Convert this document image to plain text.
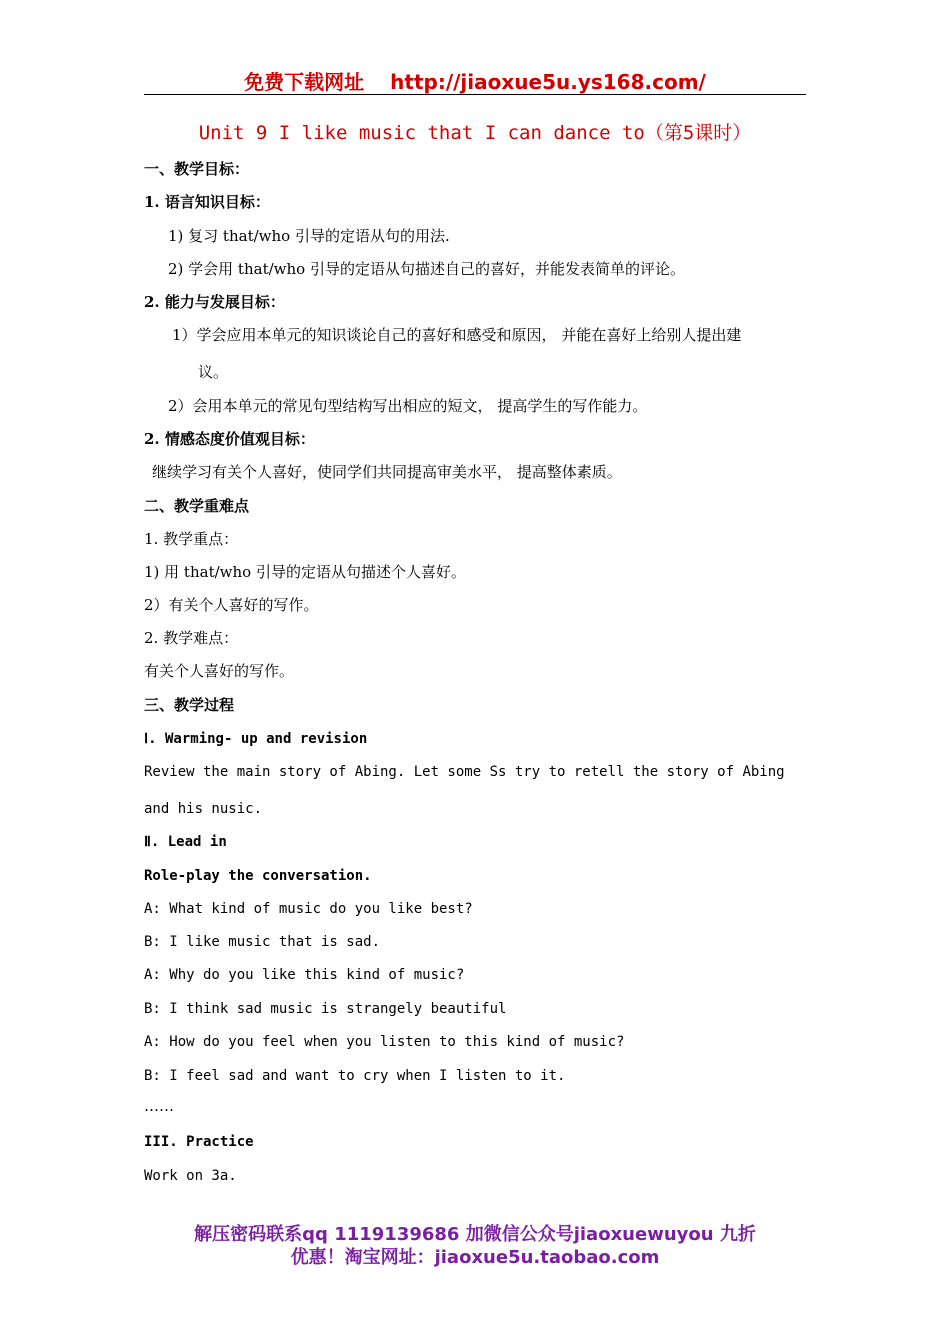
免费下载网址 http://jiaoxue5u.ys168.com/
Unit 9 I like music that I can dance to（第5课时）
一、教学目标：
1. 语言知识目标：
1) 复习 that/who 引导的定语从句的用法.
2) 学会用 that/who 引导的定语从句描述自己的喜好，并能发表简单的评论。
2. 能力与发展目标：
1）学会应用本单元的知识谈论自己的喜好和感受和原因， 并能在喜好上给别人提出建
议。
2）会用本单元的常见句型结构写出相应的短文， 提高学生的写作能力。
2. 情感态度价值观目标：
继续学习有关个人喜好，使同学们共同提高审美水平， 提高整体素质。
二、教学重难点
1. 教学重点：
1) 用 that/who 引导的定语从句描述个人喜好。
2）有关个人喜好的写作。
2. 教学难点：
有关个人喜好的写作。
三、教学过程
Ⅰ. Warming- up and revision
Review the main story of Abing. Let some Ss try to retell the story of Abing
and his nusic.
Ⅱ. Lead in
Role-play the conversation.
A: What kind of music do you like best?
B: I like music that is sad.
A: Why do you like this kind of music?
B: I think sad music is strangely beautiful
A: How do you feel when you listen to this kind of music?
B: I feel sad and want to cry when I listen to it.
……
III. Practice
Work on 3a.
解压密码联系qq 1119139686 加微信公众号jiaoxuewuyou 九折
优惠！淘宝网址：jiaoxue5u.taobao.com
